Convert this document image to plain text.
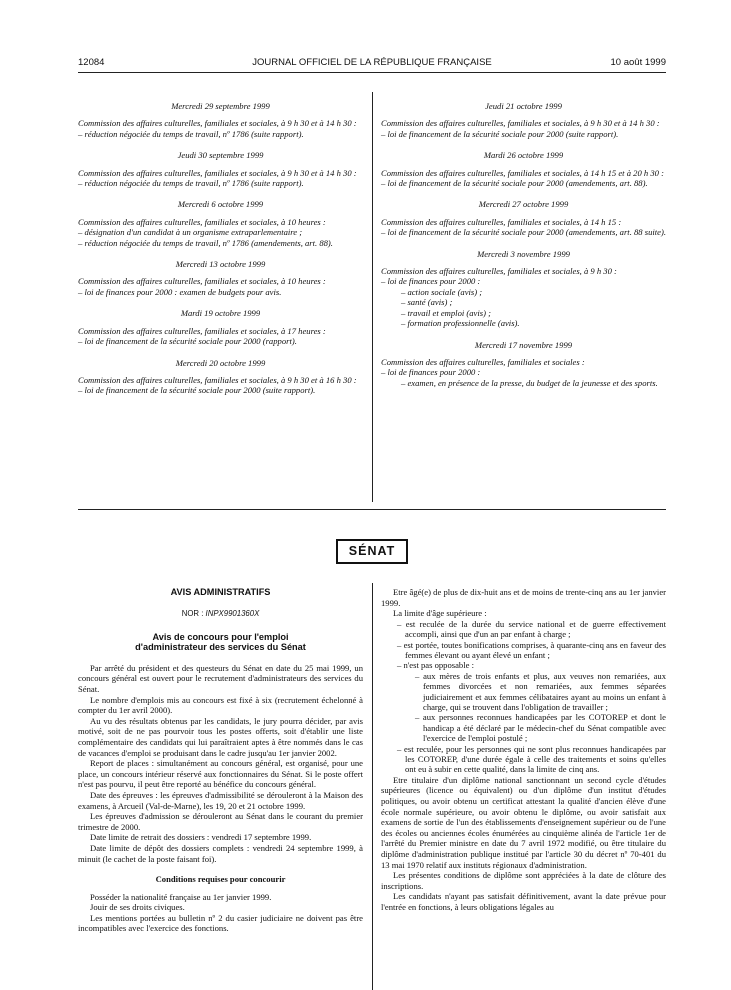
12084	JOURNAL OFFICIEL DE LA RÉPUBLIQUE FRANÇAISE	10 août 1999
Mercredi 29 septembre 1999
Commission des affaires culturelles, familiales et sociales, à 9 h 30 et à 14 h 30 :
– réduction négociée du temps de travail, nº 1786 (suite rapport).
Jeudi 30 septembre 1999
Commission des affaires culturelles, familiales et sociales, à 9 h 30 et à 14 h 30 :
– réduction négociée du temps de travail, nº 1786 (suite rapport).
Mercredi 6 octobre 1999
Commission des affaires culturelles, familiales et sociales, à 10 heures :
– désignation d'un candidat à un organisme extraparlementaire ;
– réduction négociée du temps de travail, nº 1786 (amendements, art. 88).
Mercredi 13 octobre 1999
Commission des affaires culturelles, familiales et sociales, à 10 heures :
– loi de finances pour 2000 : examen de budgets pour avis.
Mardi 19 octobre 1999
Commission des affaires culturelles, familiales et sociales, à 17 heures :
– loi de financement de la sécurité sociale pour 2000 (rapport).
Mercredi 20 octobre 1999
Commission des affaires culturelles, familiales et sociales, à 9 h 30 et à 16 h 30 :
– loi de financement de la sécurité sociale pour 2000 (suite rapport).
Jeudi 21 octobre 1999
Commission des affaires culturelles, familiales et sociales, à 9 h 30 et à 14 h 30 :
– loi de financement de la sécurité sociale pour 2000 (suite rapport).
Mardi 26 octobre 1999
Commission des affaires culturelles, familiales et sociales, à 14 h 15 et à 20 h 30 :
– loi de financement de la sécurité sociale pour 2000 (amendements, art. 88).
Mercredi 27 octobre 1999
Commission des affaires culturelles, familiales et sociales, à 14 h 15 :
– loi de financement de la sécurité sociale pour 2000 (amendements, art. 88 suite).
Mercredi 3 novembre 1999
Commission des affaires culturelles, familiales et sociales, à 9 h 30 :
– loi de finances pour 2000 :
– action sociale (avis) ;
– santé (avis) ;
– travail et emploi (avis) ;
– formation professionnelle (avis).
Mercredi 17 novembre 1999
Commission des affaires culturelles, familiales et sociales :
– loi de finances pour 2000 :
– examen, en présence de la presse, du budget de la jeunesse et des sports.
SÉNAT
AVIS ADMINISTRATIFS
NOR : INPX9901360X
Avis de concours pour l'emploi d'administrateur des services du Sénat
Par arrêté du président et des questeurs du Sénat en date du 25 mai 1999, un concours général est ouvert pour le recrutement d'administrateurs des services du Sénat.
Le nombre d'emplois mis au concours est fixé à six (recrutement échelonné à compter du 1er avril 2000).
Au vu des résultats obtenus par les candidats, le jury pourra décider, par avis motivé, soit de ne pas pourvoir tous les postes offerts, soit d'établir une liste complémentaire des candidats qui lui paraîtraient aptes à être nommés dans le cas de vacances d'emploi se produisant dans le cadre jusqu'au 1er janvier 2002.
Report de places : simultanément au concours général, est organisé, pour une place, un concours intérieur réservé aux fonctionnaires du Sénat. Si le poste offert n'est pas pourvu, il peut être reporté au bénéfice du concours général.
Date des épreuves : les épreuves d'admissibilité se dérouleront à la Maison des examens, à Arcueil (Val-de-Marne), les 19, 20 et 21 octobre 1999.
Les épreuves d'admission se dérouleront au Sénat dans le courant du premier trimestre de 2000.
Date limite de retrait des dossiers : vendredi 17 septembre 1999.
Date limite de dépôt des dossiers complets : vendredi 24 septembre 1999, à minuit (le cachet de la poste faisant foi).
Conditions requises pour concourir
Posséder la nationalité française au 1er janvier 1999.
Jouir de ses droits civiques.
Les mentions portées au bulletin nº 2 du casier judiciaire ne doivent pas être incompatibles avec l'exercice des fonctions.
Etre âgé(e) de plus de dix-huit ans et de moins de trente-cinq ans au 1er janvier 1999.
La limite d'âge supérieure :
– est reculée de la durée du service national et de guerre effectivement accompli, ainsi que d'un an par enfant à charge ;
– est portée, toutes bonifications comprises, à quarante-cinq ans en faveur des femmes élevant ou ayant élevé un enfant ;
– n'est pas opposable :
– aux mères de trois enfants et plus, aux veuves non remariées, aux femmes divorcées et non remariées, aux femmes séparées judiciairement et aux femmes célibataires ayant au moins un enfant à charge, qui se trouvent dans l'obligation de travailler ;
– aux personnes reconnues handicapées par les COTOREP et dont le handicap a été déclaré par le médecin-chef du Sénat compatible avec l'exercice de l'emploi postulé ;
– est reculée, pour les personnes qui ne sont plus reconnues handicapées par les COTOREP, d'une durée égale à celle des traitements et soins qu'elles ont eu à subir en cette qualité, dans la limite de cinq ans.
Etre titulaire d'un diplôme national sanctionnant un second cycle d'études supérieures (licence ou équivalent) ou d'un diplôme d'un institut d'études politiques, ou avoir obtenu un certificat attestant la qualité d'ancien élève d'une école normale supérieure, ou avoir obtenu le diplôme, ou avoir satisfait aux examens de sortie de l'un des établissements d'enseignement supérieur ou de l'une des écoles ou anciennes écoles énumérées au cinquième alinéa de l'article 1er de l'arrêté du Premier ministre en date du 7 avril 1972 modifié, ou être titulaire du diplôme d'administration publique institué par l'article 30 du décret nº 70-401 du 13 mai 1970 relatif aux instituts régionaux d'administration.
Les présentes conditions de diplôme sont appréciées à la date de clôture des inscriptions.
Les candidats n'ayant pas satisfait définitivement, avant la date prévue pour l'entrée en fonctions, à leurs obligations légales au
